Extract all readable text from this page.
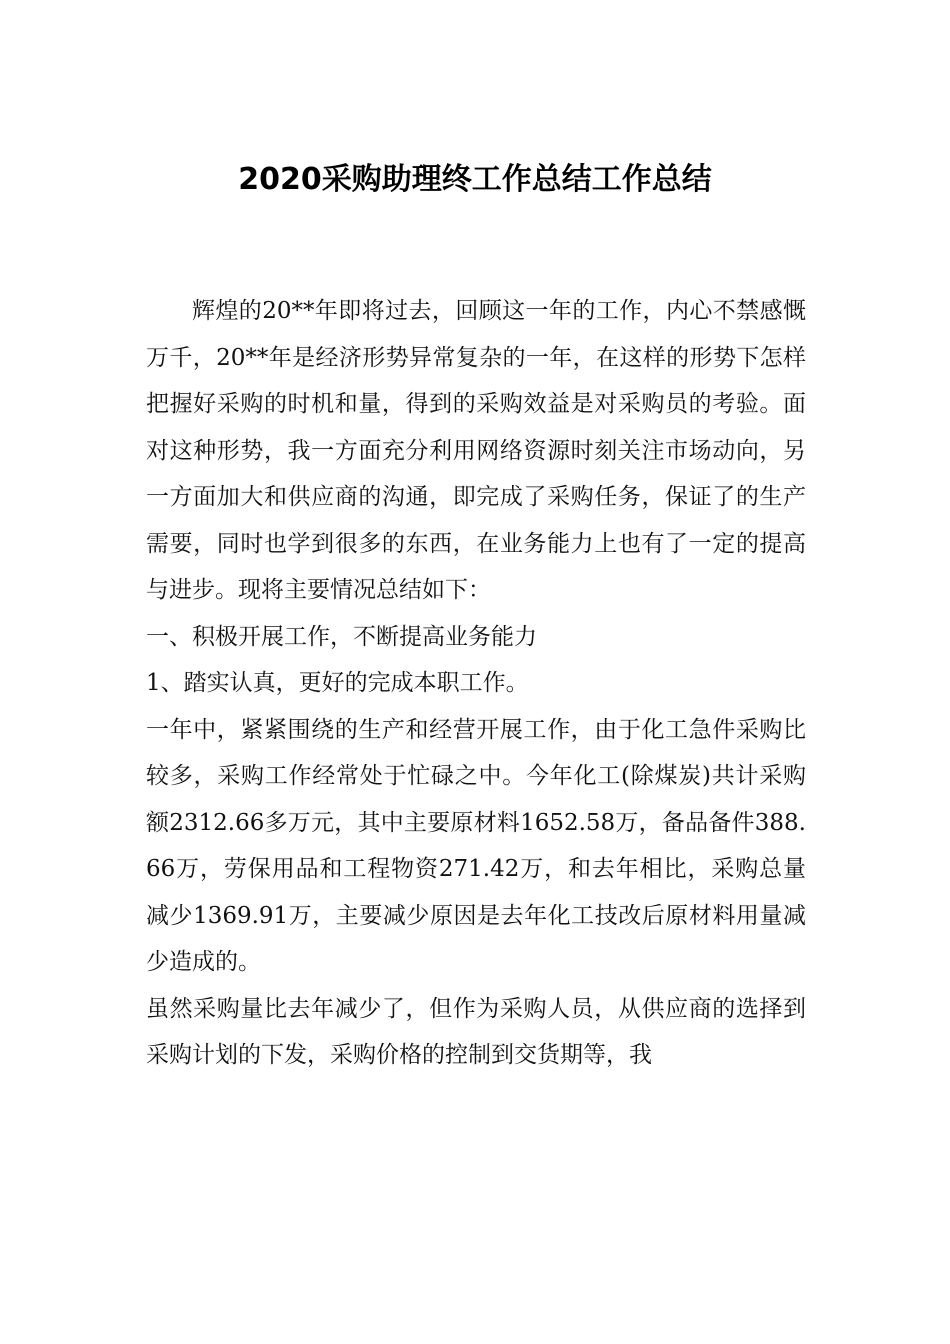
2020采购助理终工作总结工作总结

辉煌的20**年即将过去，回顾这一年的工作，内心不禁感慨万千，20**年是经济形势异常复杂的一年，在这样的形势下怎样把握好采购的时机和量，得到的采购效益是对采购员的考验。面对这种形势，我一方面充分利用网络资源时刻关注市场动向，另一方面加大和供应商的沟通，即完成了采购任务，保证了的生产需要，同时也学到很多的东西，在业务能力上也有了一定的提高与进步。现将主要情况总结如下：

一、积极开展工作，不断提高业务能力

1、踏实认真，更好的完成本职工作。

一年中，紧紧围绕的生产和经营开展工作，由于化工急件采购比较多，采购工作经常处于忙碌之中。今年化工(除煤炭)共计采购额2312.66多万元，其中主要原材料1652.58万，备品备件388.66万，劳保用品和工程物资271.42万，和去年相比，采购总量减少1369.91万，主要减少原因是去年化工技改后原材料用量减少造成的。

虽然采购量比去年减少了，但作为采购人员，从供应商的选择到采购计划的下发，采购价格的控制到交货期等，我
